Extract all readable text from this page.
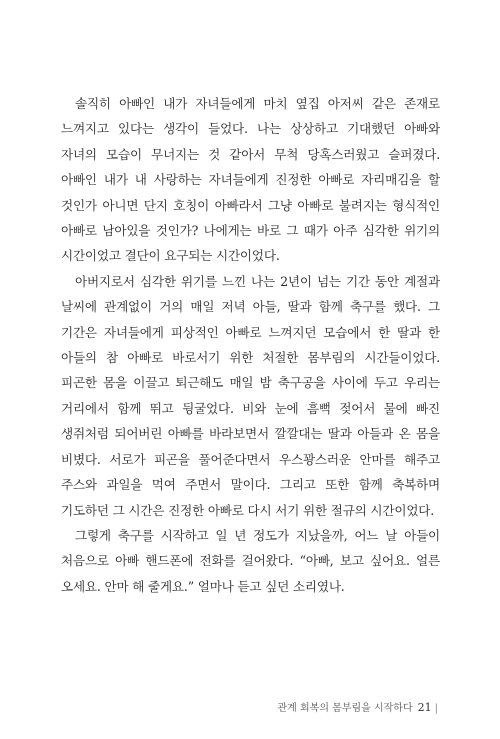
솔직히 아빠인 내가 자녀들에게 마치 옆집 아저씨 같은 존재로 느껴지고 있다는 생각이 들었다. 나는 상상하고 기대했던 아빠와 자녀의 모습이 무너지는 것 같아서 무척 당혹스러웠고 슬퍼졌다. 아빠인 내가 내 사랑하는 자녀들에게 진정한 아빠로 자리매김을 할 것인가 아니면 단지 호칭이 아빠라서 그냥 아빠로 불려지는 형식적인 아빠로 남아있을 것인가? 나에게는 바로 그 때가 아주 심각한 위기의 시간이었고 결단이 요구되는 시간이었다.

아버지로서 심각한 위기를 느낀 나는 2년이 넘는 기간 동안 계절과 날씨에 관계없이 거의 매일 저녁 아들, 딸과 함께 축구를 했다. 그 기간은 자녀들에게 피상적인 아빠로 느껴지던 모습에서 한 딸과 한 아들의 참 아빠로 바로서기 위한 처절한 몸부림의 시간들이었다. 피곤한 몸을 이끌고 퇴근해도 매일 밤 축구공을 사이에 두고 우리는 거리에서 함께 뛰고 뒹굴었다. 비와 눈에 흠뻑 젖어서 물에 빠진 생쥐처럼 되어버린 아빠를 바라보면서 깔깔대는 딸과 아들과 온 몸을 비볐다. 서로가 피곤을 풀어준다면서 우스꽝스러운 안마를 해주고 주스와 과일을 먹여 주면서 말이다. 그리고 또한 함께 축복하며 기도하던 그 시간은 진정한 아빠로 다시 서기 위한 절규의 시간이었다.

그렇게 축구를 시작하고 일 년 정도가 지났을까, 어느 날 아들이 처음으로 아빠 핸드폰에 전화를 걸어왔다. “아빠, 보고 싶어요. 얼른 오세요. 안마 해 줄게요.” 얼마나 듣고 싶던 소리였나.

관계 회복의 몸부림을 시작하다 21 |
